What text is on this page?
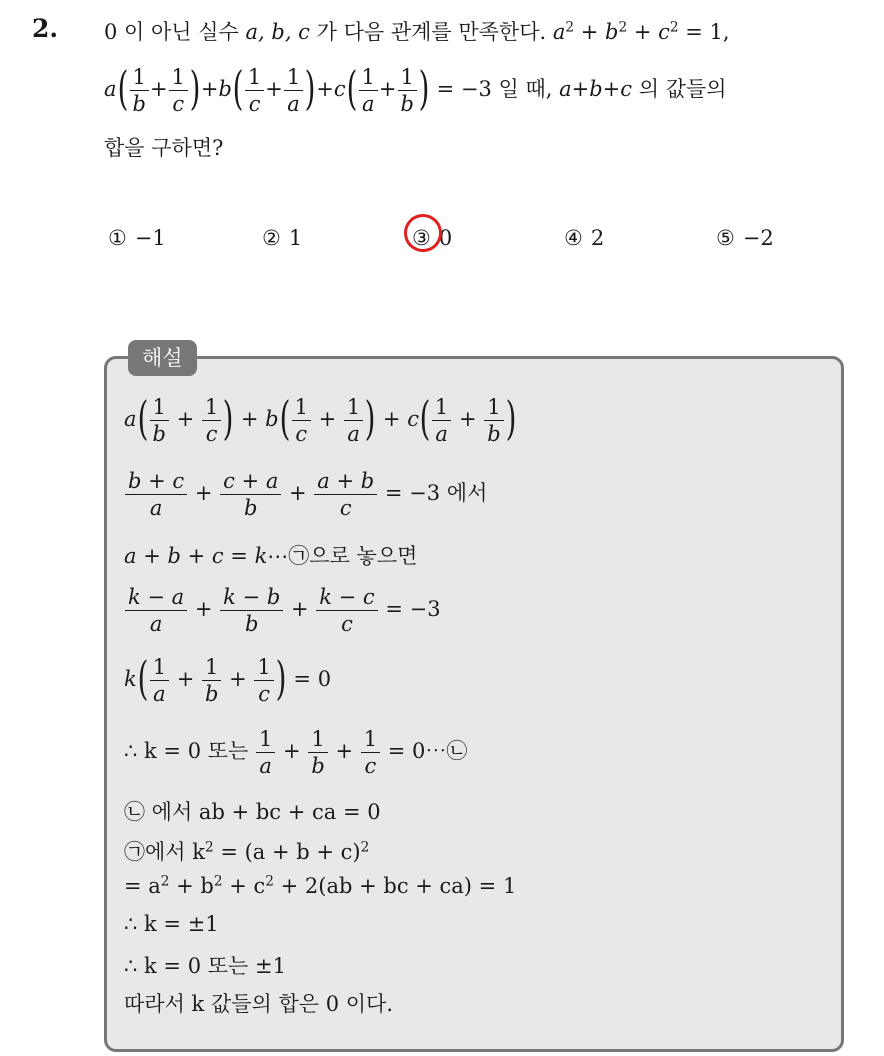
2. 0 이 아닌 실수 a, b, c 가 다음 관계를 만족한다. $a^2 + b^2 + c^2 = 1$,
$a( \frac{1}{b} + \frac{1}{c} )+b( \frac{1}{c} + \frac{1}{a} )+c( \frac{1}{a} + \frac{1}{b}$ ) = −3 일 때, a+b+c 의 값들의
합을 구하면?
① −1	② 1	③ 0	④ 2	⑤ −2
해설
$a( \frac{1}{b} + \frac{1}{c}$ ) + $b( \frac{1}{c} + \frac{1}{a}$ ) + $c( \frac{1}{a} + \frac{1}{b}$ )
$\frac{b + c}{a} + \frac{c + a}{b} + \frac{a + b}{c} = -3$ 에서
a + b + c = k⋯㉠으로 놓으면
$\frac{k - a}{a} + \frac{k - b}{b} + \frac{k - c}{c} = -3$
$k( \frac{1}{a} + \frac{1}{b} + \frac{1}{c}$ ) = 0
∴ k = 0 또는 $\frac{1}{a} + \frac{1}{b} + \frac{1}{c}$ = 0⋯㉡
㉡ 에서 ab + bc + ca = 0
㉠에서 $k^2 = (a + b + c)^2$
= $a^2 + b^2 + c^2 + 2(ab$ + bc + ca) = 1
∴ k = ±1
∴ k = 0 또는 ±1
따라서 k 값들의 합은 0 이다.
